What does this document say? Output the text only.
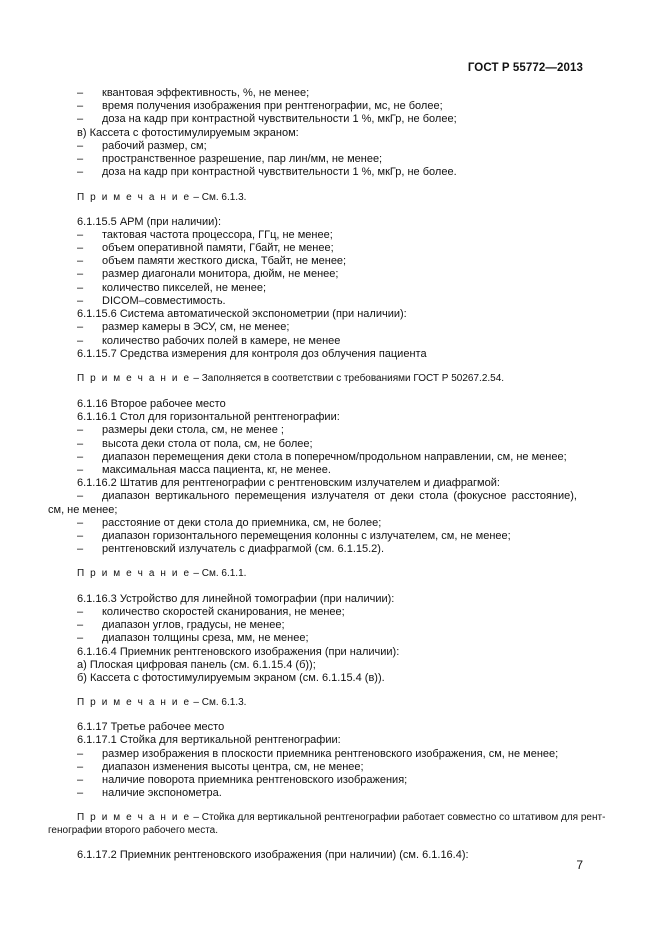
ГОСТ Р 55772—2013
–	квантовая эффективность, %, не менее;
–	время получения изображения при рентгенографии, мс, не более;
–	доза на кадр при контрастной чувствительности 1 %, мкГр, не более;
в) Кассета с фотостимулируемым экраном:
–	рабочий размер, см;
–	пространственное разрешение, пар лин/мм, не менее;
–	доза на кадр при контрастной чувствительности 1 %, мкГр, не более.
П р и м е ч а н и е – См. 6.1.3.
6.1.15.5 АРМ (при наличии):
–	тактовая частота процессора, ГГц, не менее;
–	объем оперативной памяти, Гбайт, не менее;
–	объем памяти жесткого диска, Тбайт, не менее;
–	размер диагонали монитора, дюйм, не менее;
–	количество пикселей, не менее;
–	DICOM–совместимость.
6.1.15.6 Система автоматической экспонометрии (при наличии):
–	размер камеры в ЭСУ, см, не менее;
–	количество рабочих полей в камере, не менее
6.1.15.7 Средства измерения для контроля доз облучения пациента
П р и м е ч а н и е – Заполняется в соответствии с требованиями ГОСТ Р 50267.2.54.
6.1.16 Второе рабочее место
6.1.16.1 Стол для горизонтальной рентгенографии:
–	размеры деки стола, см, не менее ;
–	высота деки стола от пола, см, не более;
–	диапазон перемещения деки стола в поперечном/продольном направлении, см, не менее;
–	максимальная масса пациента, кг, не менее.
6.1.16.2 Штатив для рентгенографии с рентгеновским излучателем и диафрагмой:
–	диапазон вертикального перемещения излучателя от деки стола (фокусное расстояние),
см, не менее;
–	расстояние от деки стола до приемника, см, не более;
–	диапазон горизонтального перемещения колонны с излучателем, см, не менее;
–	рентгеновский излучатель с диафрагмой (см. 6.1.15.2).
П р и м е ч а н и е – См. 6.1.1.
6.1.16.3 Устройство для линейной томографии (при наличии):
–	количество скоростей сканирования, не менее;
–	диапазон углов, градусы, не менее;
–	диапазон толщины среза, мм, не менее;
6.1.16.4 Приемник рентгеновского изображения (при наличии):
а) Плоская цифровая панель (см. 6.1.15.4 (б));
б) Кассета с фотостимулируемым экраном (см. 6.1.15.4 (в)).
П р и м е ч а н и е – См. 6.1.3.
6.1.17 Третье рабочее место
6.1.17.1 Стойка для вертикальной рентгенографии:
–	размер изображения в плоскости приемника рентгеновского изображения, см, не менее;
–	диапазон изменения высоты центра, см, не менее;
–	наличие поворота приемника рентгеновского изображения;
–	наличие экспонометра.
П р и м е ч а н и е – Стойка для вертикальной рентгенографии работает совместно со штативом для рент-
генографии второго рабочего места.
6.1.17.2 Приемник рентгеновского изображения (при наличии) (см. 6.1.16.4):
7
